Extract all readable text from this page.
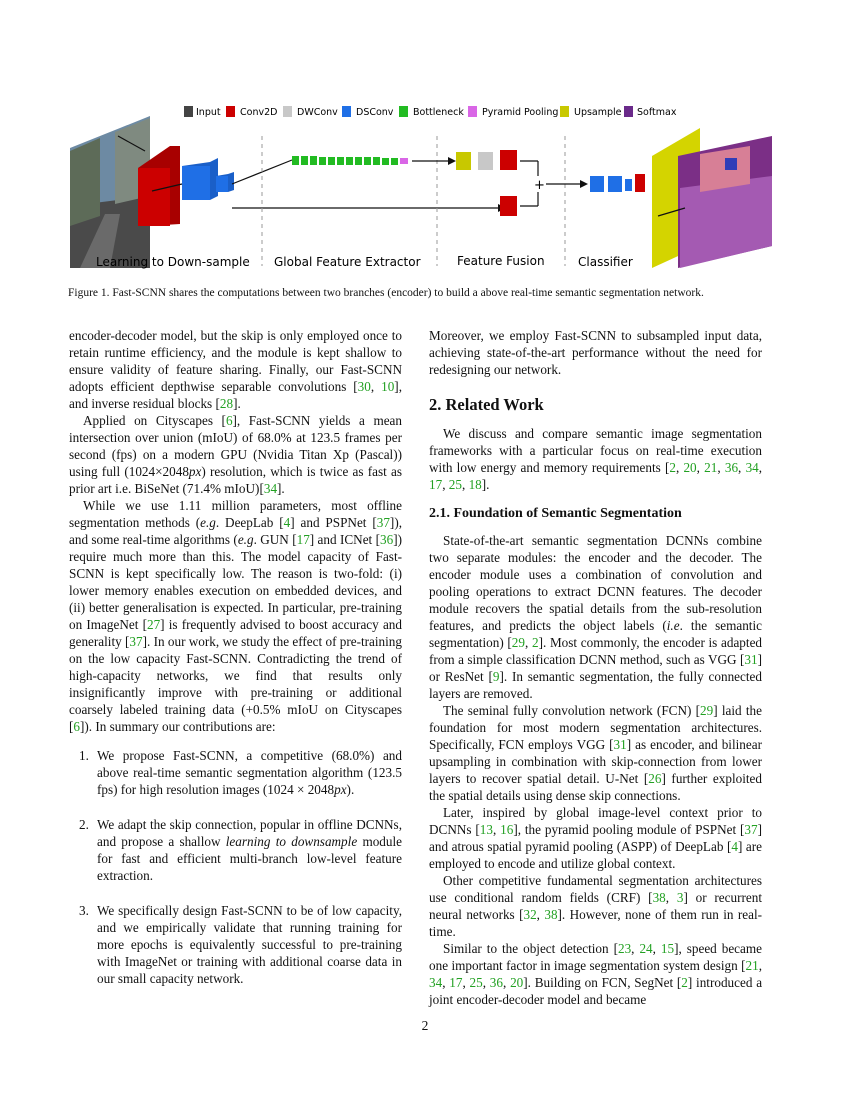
Input Conv2D DWConv DSConv Bottleneck Pyramid Pooling Upsample Softmax
+
Learning to Down-sample Global Feature Extractor	Feature Fusion	Classifier
Figure 1. Fast-SCNN shares the computations between two branches (encoder) to build a above real-time semantic segmentation network.

encoder-decoder model, but the skip is only employed once to retain runtime efficiency, and the module is kept shallow to ensure validity of feature sharing. Finally, our Fast-SCNN adopts efficient depthwise separable convolutions [30, 10], and inverse residual blocks [28].

Applied on Cityscapes [6], Fast-SCNN yields a mean intersection over union (mIoU) of 68.0% at 123.5 frames per second (fps) on a modern GPU (Nvidia Titan Xp (Pascal)) using full (1024×2048px) resolution, which is twice as fast as prior art i.e. BiSeNet (71.4% mIoU)[34].

While we use 1.11 million parameters, most offline segmentation methods (e.g. DeepLab [4] and PSPNet [37]), and some real-time algorithms (e.g. GUN [17] and ICNet [36]) require much more than this. The model capacity of Fast-SCNN is kept specifically low. The reason is two-fold: (i) lower memory enables execution on embedded devices, and (ii) better generalisation is expected. In particular, pre-training on ImageNet [27] is frequently advised to boost accuracy and generality [37]. In our work, we study the effect of pre-training on the low capacity Fast-SCNN. Contradicting the trend of high-capacity networks, we find that results only insignificantly improve with pre-training or additional coarsely labeled training data (+0.5% mIoU on Cityscapes [6]). In summary our contributions are:

1. We propose Fast-SCNN, a competitive (68.0%) and above real-time semantic segmentation algorithm (123.5 fps) for high resolution images (1024 × 2048px).
2. We adapt the skip connection, popular in offline DCNNs, and propose a shallow learning to downsample module for fast and efficient multi-branch low-level feature extraction.
3. We specifically design Fast-SCNN to be of low capacity, and we empirically validate that running training for more epochs is equivalently successful to pre-training with ImageNet or training with additional coarse data in our small capacity network.

Moreover, we employ Fast-SCNN to subsampled input data, achieving state-of-the-art performance without the need for redesigning our network.

2. Related Work

We discuss and compare semantic image segmentation frameworks with a particular focus on real-time execution with low energy and memory requirements [2, 20, 21, 36, 34, 17, 25, 18].

2.1. Foundation of Semantic Segmentation

State-of-the-art semantic segmentation DCNNs combine two separate modules: the encoder and the decoder. The encoder module uses a combination of convolution and pooling operations to extract DCNN features. The decoder module recovers the spatial details from the sub-resolution features, and predicts the object labels (i.e. the semantic segmentation) [29, 2]. Most commonly, the encoder is adapted from a simple classification DCNN method, such as VGG [31] or ResNet [9]. In semantic segmentation, the fully connected layers are removed.

The seminal fully convolution network (FCN) [29] laid the foundation for most modern segmentation architectures. Specifically, FCN employs VGG [31] as encoder, and bilinear upsampling in combination with skip-connection from lower layers to recover spatial detail. U-Net [26] further exploited the spatial details using dense skip connections.

Later, inspired by global image-level context prior to DCNNs [13, 16], the pyramid pooling module of PSPNet [37] and atrous spatial pyramid pooling (ASPP) of DeepLab [4] are employed to encode and utilize global context.

Other competitive fundamental segmentation architectures use conditional random fields (CRF) [38, 3] or recurrent neural networks [32, 38]. However, none of them run in real-time.

Similar to the object detection [23, 24, 15], speed became one important factor in image segmentation system design [21, 34, 17, 25, 36, 20]. Building on FCN, SegNet [2] introduced a joint encoder-decoder model and became

2
